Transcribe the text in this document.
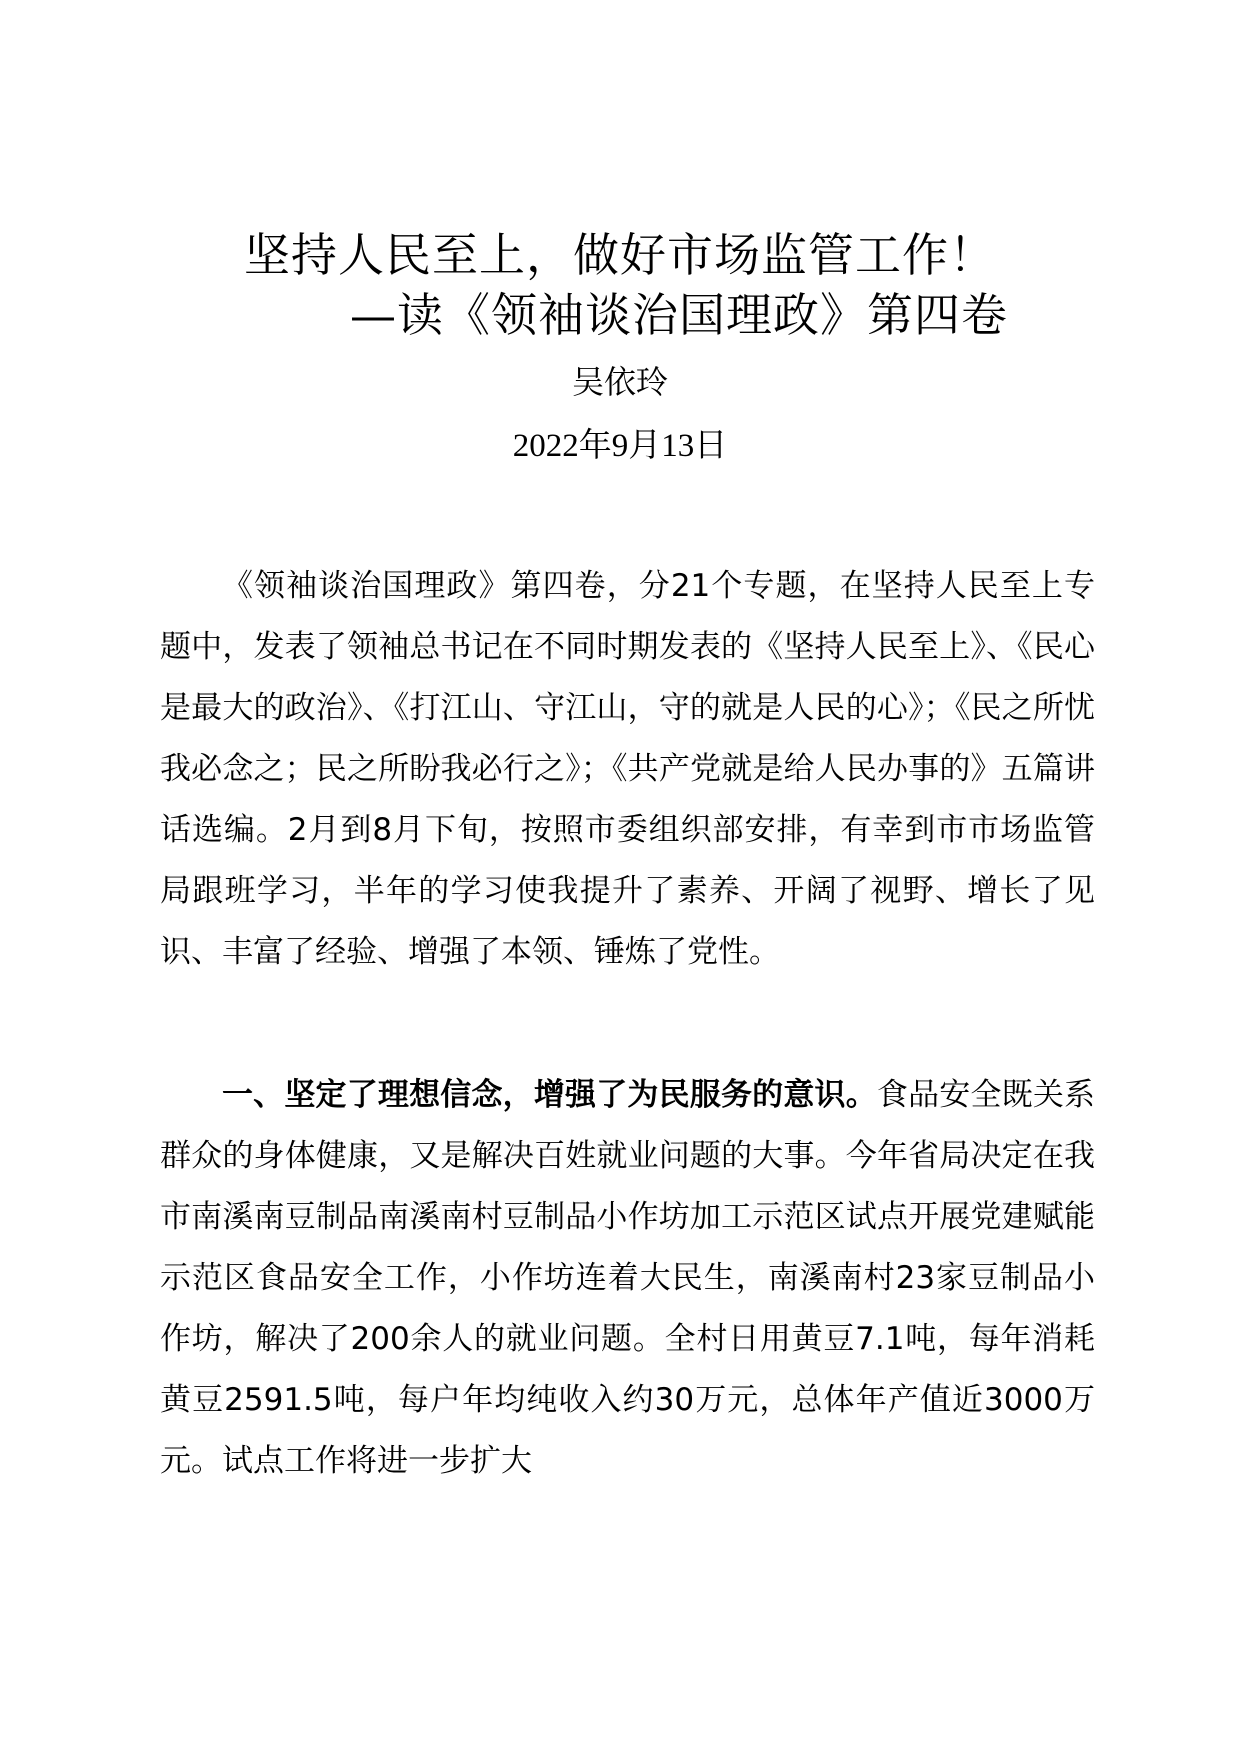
坚持人民至上，做好市场监管工作！
—读《领袖谈治国理政》第四卷
吴依玲
2022年9月13日

《领袖谈治国理政》第四卷，分21个专题，在坚持人民至上专题中，发表了领袖总书记在不同时期发表的《坚持人民至上》、《民心是最大的政治》、《打江山、守江山，守的就是人民的心》；《民之所忧我必念之；民之所盼我必行之》；《共产党就是给人民办事的》五篇讲话选编。2月到8月下旬，按照市委组织部安排，有幸到市市场监管局跟班学习，半年的学习使我提升了素养、开阔了视野、增长了见识、丰富了经验、增强了本领、锤炼了党性。

一、坚定了理想信念，增强了为民服务的意识。食品安全既关系群众的身体健康，又是解决百姓就业问题的大事。今年省局决定在我市南溪南豆制品南溪南村豆制品小作坊加工示范区试点开展党建赋能示范区食品安全工作，小作坊连着大民生，南溪南村23家豆制品小作坊，解决了200余人的就业问题。全村日用黄豆7.1吨，每年消耗黄豆2591.5吨，每户年均纯收入约30万元，总体年产值近3000万元。试点工作将进一步扩大
